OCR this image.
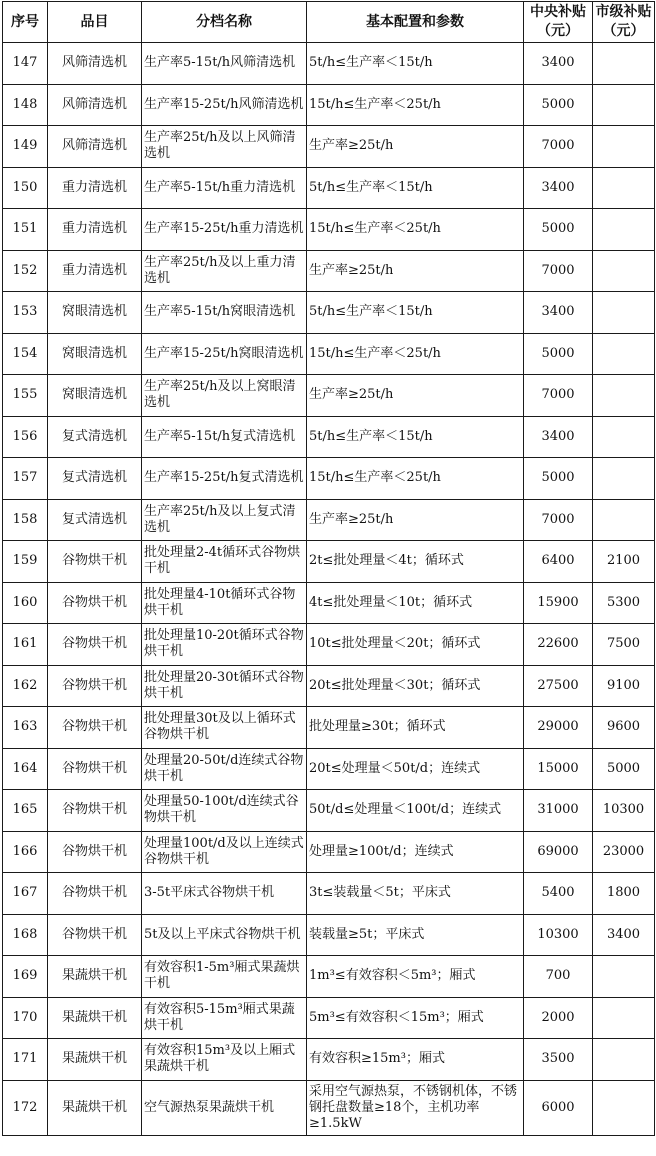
序号	品目	分档名称	基本配置和参数	中央补贴（元）	市级补贴（元）
147	风筛清选机	生产率5-15t/h风筛清选机	5t/h≤生产率＜15t/h	3400	
148	风筛清选机	生产率15-25t/h风筛清选机	15t/h≤生产率＜25t/h	5000	
149	风筛清选机	生产率25t/h及以上风筛清选机	生产率≥25t/h	7000	
150	重力清选机	生产率5-15t/h重力清选机	5t/h≤生产率＜15t/h	3400	
151	重力清选机	生产率15-25t/h重力清选机	15t/h≤生产率＜25t/h	5000	
152	重力清选机	生产率25t/h及以上重力清选机	生产率≥25t/h	7000	
153	窝眼清选机	生产率5-15t/h窝眼清选机	5t/h≤生产率＜15t/h	3400	
154	窝眼清选机	生产率15-25t/h窝眼清选机	15t/h≤生产率＜25t/h	5000	
155	窝眼清选机	生产率25t/h及以上窝眼清选机	生产率≥25t/h	7000	
156	复式清选机	生产率5-15t/h复式清选机	5t/h≤生产率＜15t/h	3400	
157	复式清选机	生产率15-25t/h复式清选机	15t/h≤生产率＜25t/h	5000	
158	复式清选机	生产率25t/h及以上复式清选机	生产率≥25t/h	7000	
159	谷物烘干机	批处理量2-4t循环式谷物烘干机	2t≤批处理量＜4t；循环式	6400	2100
160	谷物烘干机	批处理量4-10t循环式谷物烘干机	4t≤批处理量＜10t；循环式	15900	5300
161	谷物烘干机	批处理量10-20t循环式谷物烘干机	10t≤批处理量＜20t；循环式	22600	7500
162	谷物烘干机	批处理量20-30t循环式谷物烘干机	20t≤批处理量＜30t；循环式	27500	9100
163	谷物烘干机	批处理量30t及以上循环式谷物烘干机	批处理量≥30t；循环式	29000	9600
164	谷物烘干机	处理量20-50t/d连续式谷物烘干机	20t≤处理量＜50t/d；连续式	15000	5000
165	谷物烘干机	处理量50-100t/d连续式谷物烘干机	50t/d≤处理量＜100t/d；连续式	31000	10300
166	谷物烘干机	处理量100t/d及以上连续式谷物烘干机	处理量≥100t/d；连续式	69000	23000
167	谷物烘干机	3-5t平床式谷物烘干机	3t≤装载量＜5t；平床式	5400	1800
168	谷物烘干机	5t及以上平床式谷物烘干机	装载量≥5t；平床式	10300	3400
169	果蔬烘干机	有效容积1-5m³厢式果蔬烘干机	1m³≤有效容积＜5m³；厢式	700	
170	果蔬烘干机	有效容积5-15m³厢式果蔬烘干机	5m³≤有效容积＜15m³；厢式	2000	
171	果蔬烘干机	有效容积15m³及以上厢式果蔬烘干机	有效容积≥15m³；厢式	3500	
172	果蔬烘干机	空气源热泵果蔬烘干机	采用空气源热泵，不锈钢机体，不锈钢托盘数量≥18个，主机功率≥1.5kW	6000	
